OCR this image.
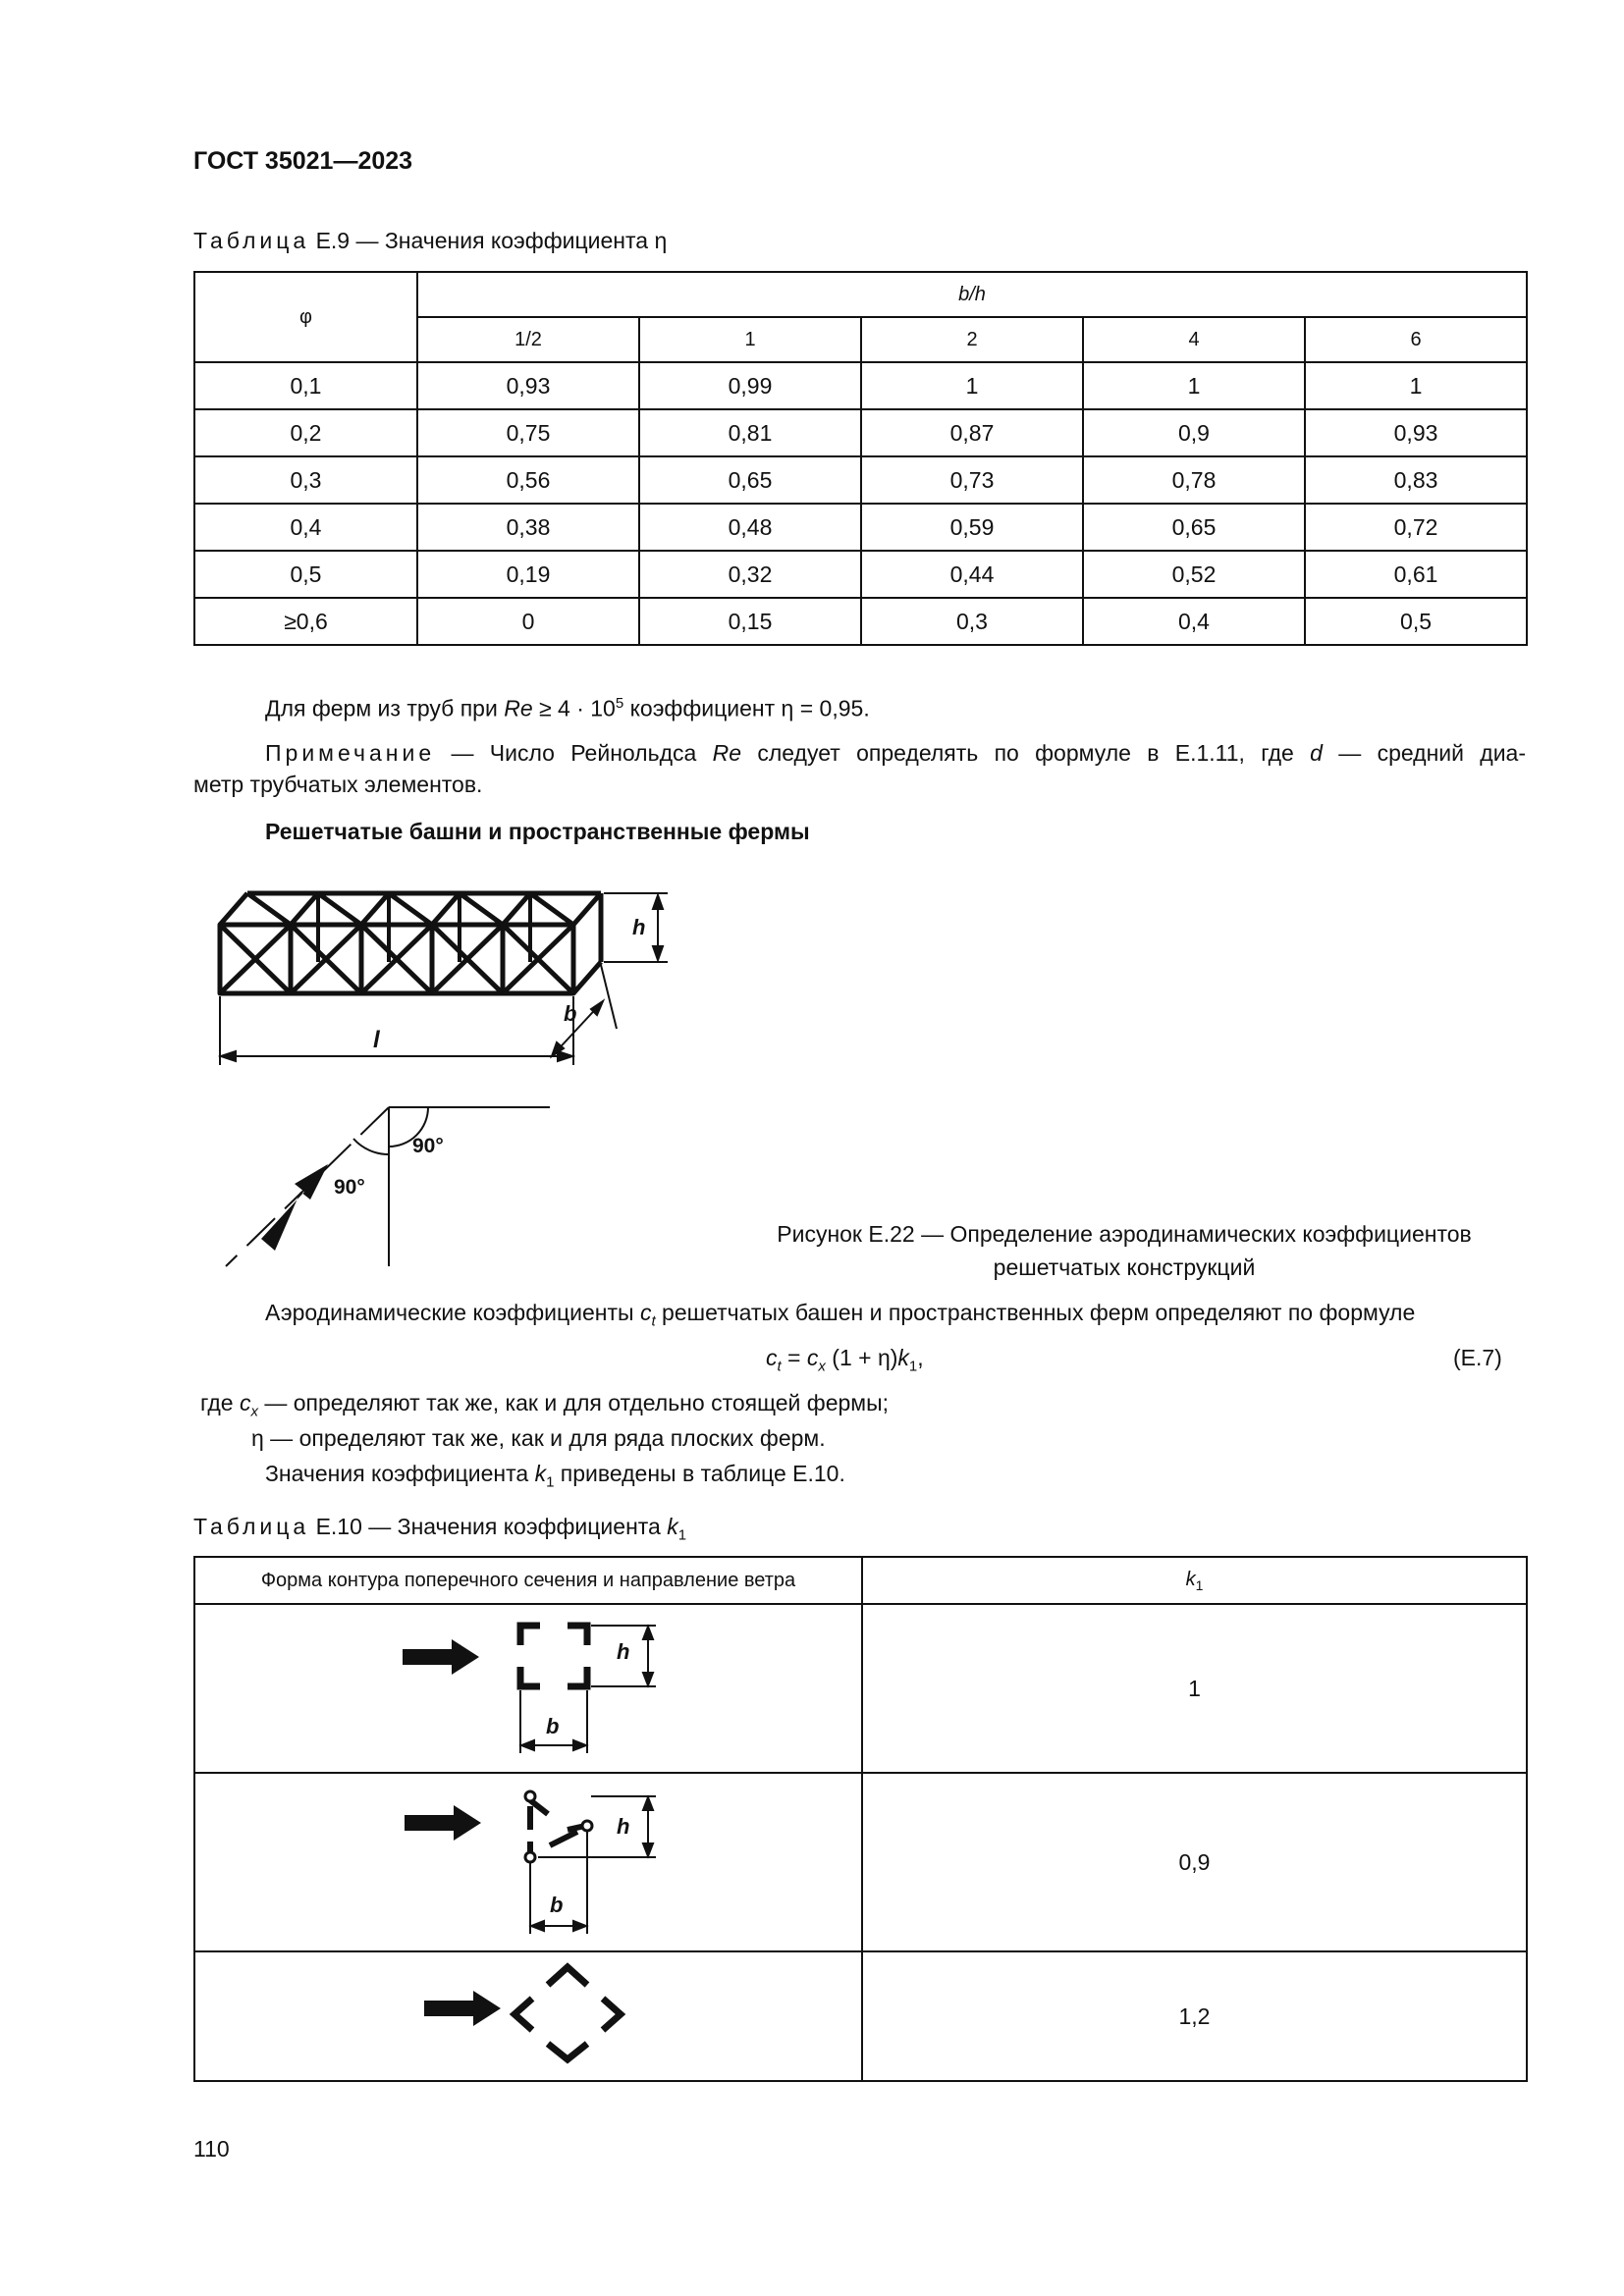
ГОСТ 35021—2023
Таблица Е.9 — Значения коэффициента η
φ	b/h				
	1/2	1	2	4	6
0,1	0,93	0,99	1	1	1
0,2	0,75	0,81	0,87	0,9	0,93
0,3	0,56	0,65	0,73	0,78	0,83
0,4	0,38	0,48	0,59	0,65	0,72
0,5	0,19	0,32	0,44	0,52	0,61
≥0,6	0	0,15	0,3	0,4	0,5
Для ферм из труб при $Re \ge 4 \cdot 10^5$ коэффициент η = 0,95.
Примечание — Число Рейнольдса Re следует определять по формуле в Е.1.11, где d — средний диа-
метр трубчатых элементов.
Решетчатые башни и пространственные фермы
h
b
l
90°
90°
Рисунок Е.22 — Определение аэродинамических коэффициентов
решетчатых конструкций
Аэродинамические коэффициенты $c_t$ решетчатых башен и пространственных ферм определяют по формуле
$c_t = c_x$ $(1 + \eta)k_1$,	(Е.7)
где $c_x$ — определяют так же, как и для отдельно стоящей фермы;
η — определяют так же, как и для ряда плоских ферм.
Значения коэффициента $k_1$ приведены в таблице Е.10.
Таблица Е.10 — Значения коэффициента $k_1$
Форма контура поперечного сечения и направление ветра	$k_1$
	1
	0,9
	1,2
h
b
h
b
110
